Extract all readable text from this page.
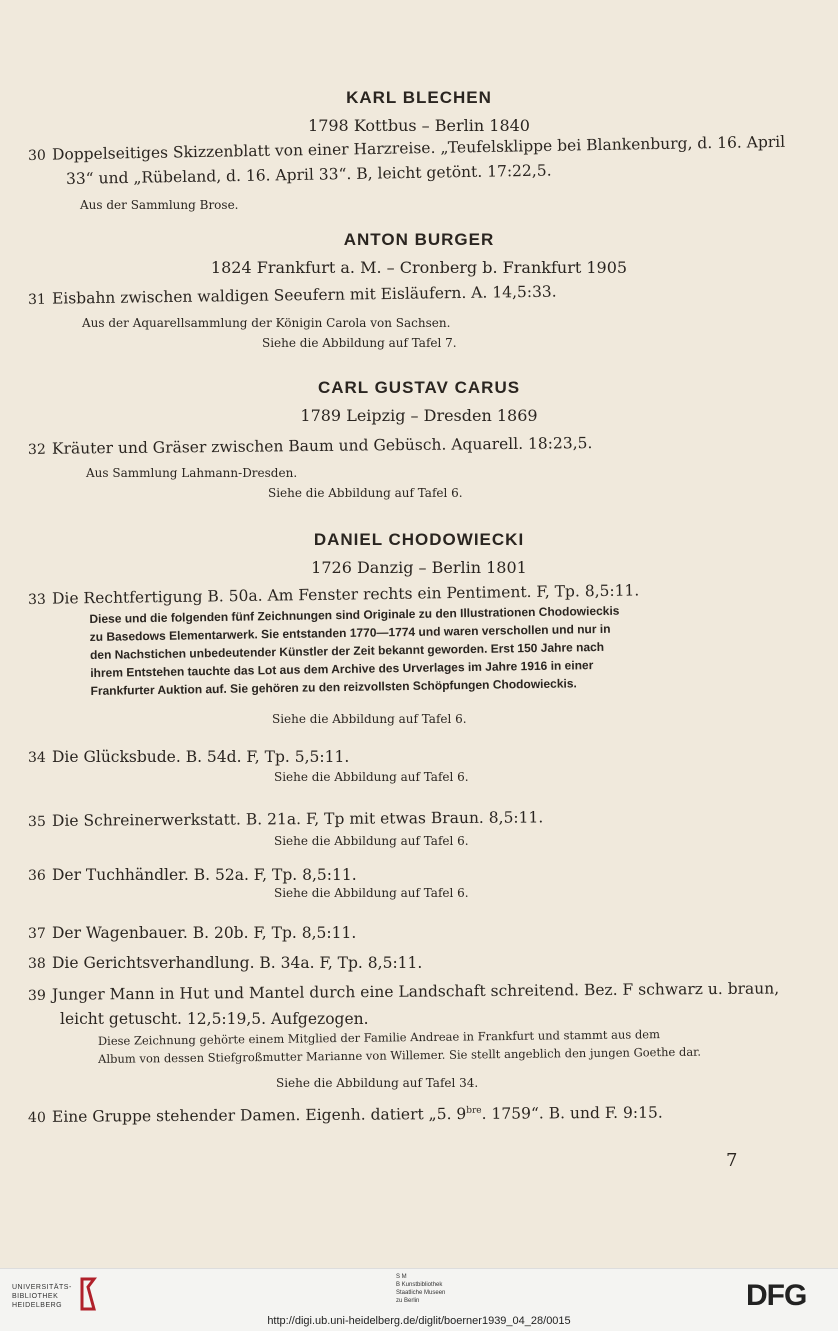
KARL BLECHEN
1798 Kottbus – Berlin 1840
30 Doppelseitiges Skizzenblatt von einer Harzreise. „Teufelsklippe bei Blankenburg, d. 16. April
33“ und „Rübeland, d. 16. April 33“. B, leicht getönt. 17:22,5.
Aus der Sammlung Brose.
ANTON BURGER
1824 Frankfurt a. M. – Cronberg b. Frankfurt 1905
31 Eisbahn zwischen waldigen Seeufern mit Eisläufern. A. 14,5:33.
Aus der Aquarellsammlung der Königin Carola von Sachsen.
Siehe die Abbildung auf Tafel 7.
CARL GUSTAV CARUS
1789 Leipzig – Dresden 1869
32 Kräuter und Gräser zwischen Baum und Gebüsch. Aquarell. 18:23,5.
Aus Sammlung Lahmann-Dresden.
Siehe die Abbildung auf Tafel 6.
DANIEL CHODOWIECKI
1726 Danzig – Berlin 1801
33 Die Rechtfertigung B. 50a. Am Fenster rechts ein Pentiment. F, Tp. 8,5:11.
Diese und die folgenden fünf Zeichnungen sind Originale zu den Illustrationen Chodowieckis
zu Basedows Elementarwerk. Sie entstanden 1770—1774 und waren verschollen und nur in
den Nachstichen unbedeutender Künstler der Zeit bekannt geworden. Erst 150 Jahre nach
ihrem Entstehen tauchte das Lot aus dem Archive des Urverlages im Jahre 1916 in einer
Frankfurter Auktion auf. Sie gehören zu den reizvollsten Schöpfungen Chodowieckis.
Siehe die Abbildung auf Tafel 6.
34 Die Glücksbude. B. 54d. F, Tp. 5,5:11.
Siehe die Abbildung auf Tafel 6.
35 Die Schreinerwerkstatt. B. 21a. F, Tp mit etwas Braun. 8,5:11.
Siehe die Abbildung auf Tafel 6.
36 Der Tuchhändler. B. 52a. F, Tp. 8,5:11.
Siehe die Abbildung auf Tafel 6.
37 Der Wagenbauer. B. 20b. F, Tp. 8,5:11.
38 Die Gerichtsverhandlung. B. 34a. F, Tp. 8,5:11.
39 Junger Mann in Hut und Mantel durch eine Landschaft schreitend. Bez. F schwarz u. braun,
leicht getuscht. 12,5:19,5. Aufgezogen.
Diese Zeichnung gehörte einem Mitglied der Familie Andreae in Frankfurt und stammt aus dem
Album von dessen Stiefgroßmutter Marianne von Willemer. Sie stellt angeblich den jungen Goethe dar.
Siehe die Abbildung auf Tafel 34.
40 Eine Gruppe stehender Damen. Eigenh. datiert „5. $9^{bre}$. 1759“. B. und F. 9:15.
7
UNIVERSITÄTS-
BIBLIOTHEK
HEIDELBERG
S M
B Kunstbibliothek
Staatliche Museen
zu Berlin	DFG
http://digi.ub.uni-heidelberg.de/diglit/boerner1939_04_28/0015
